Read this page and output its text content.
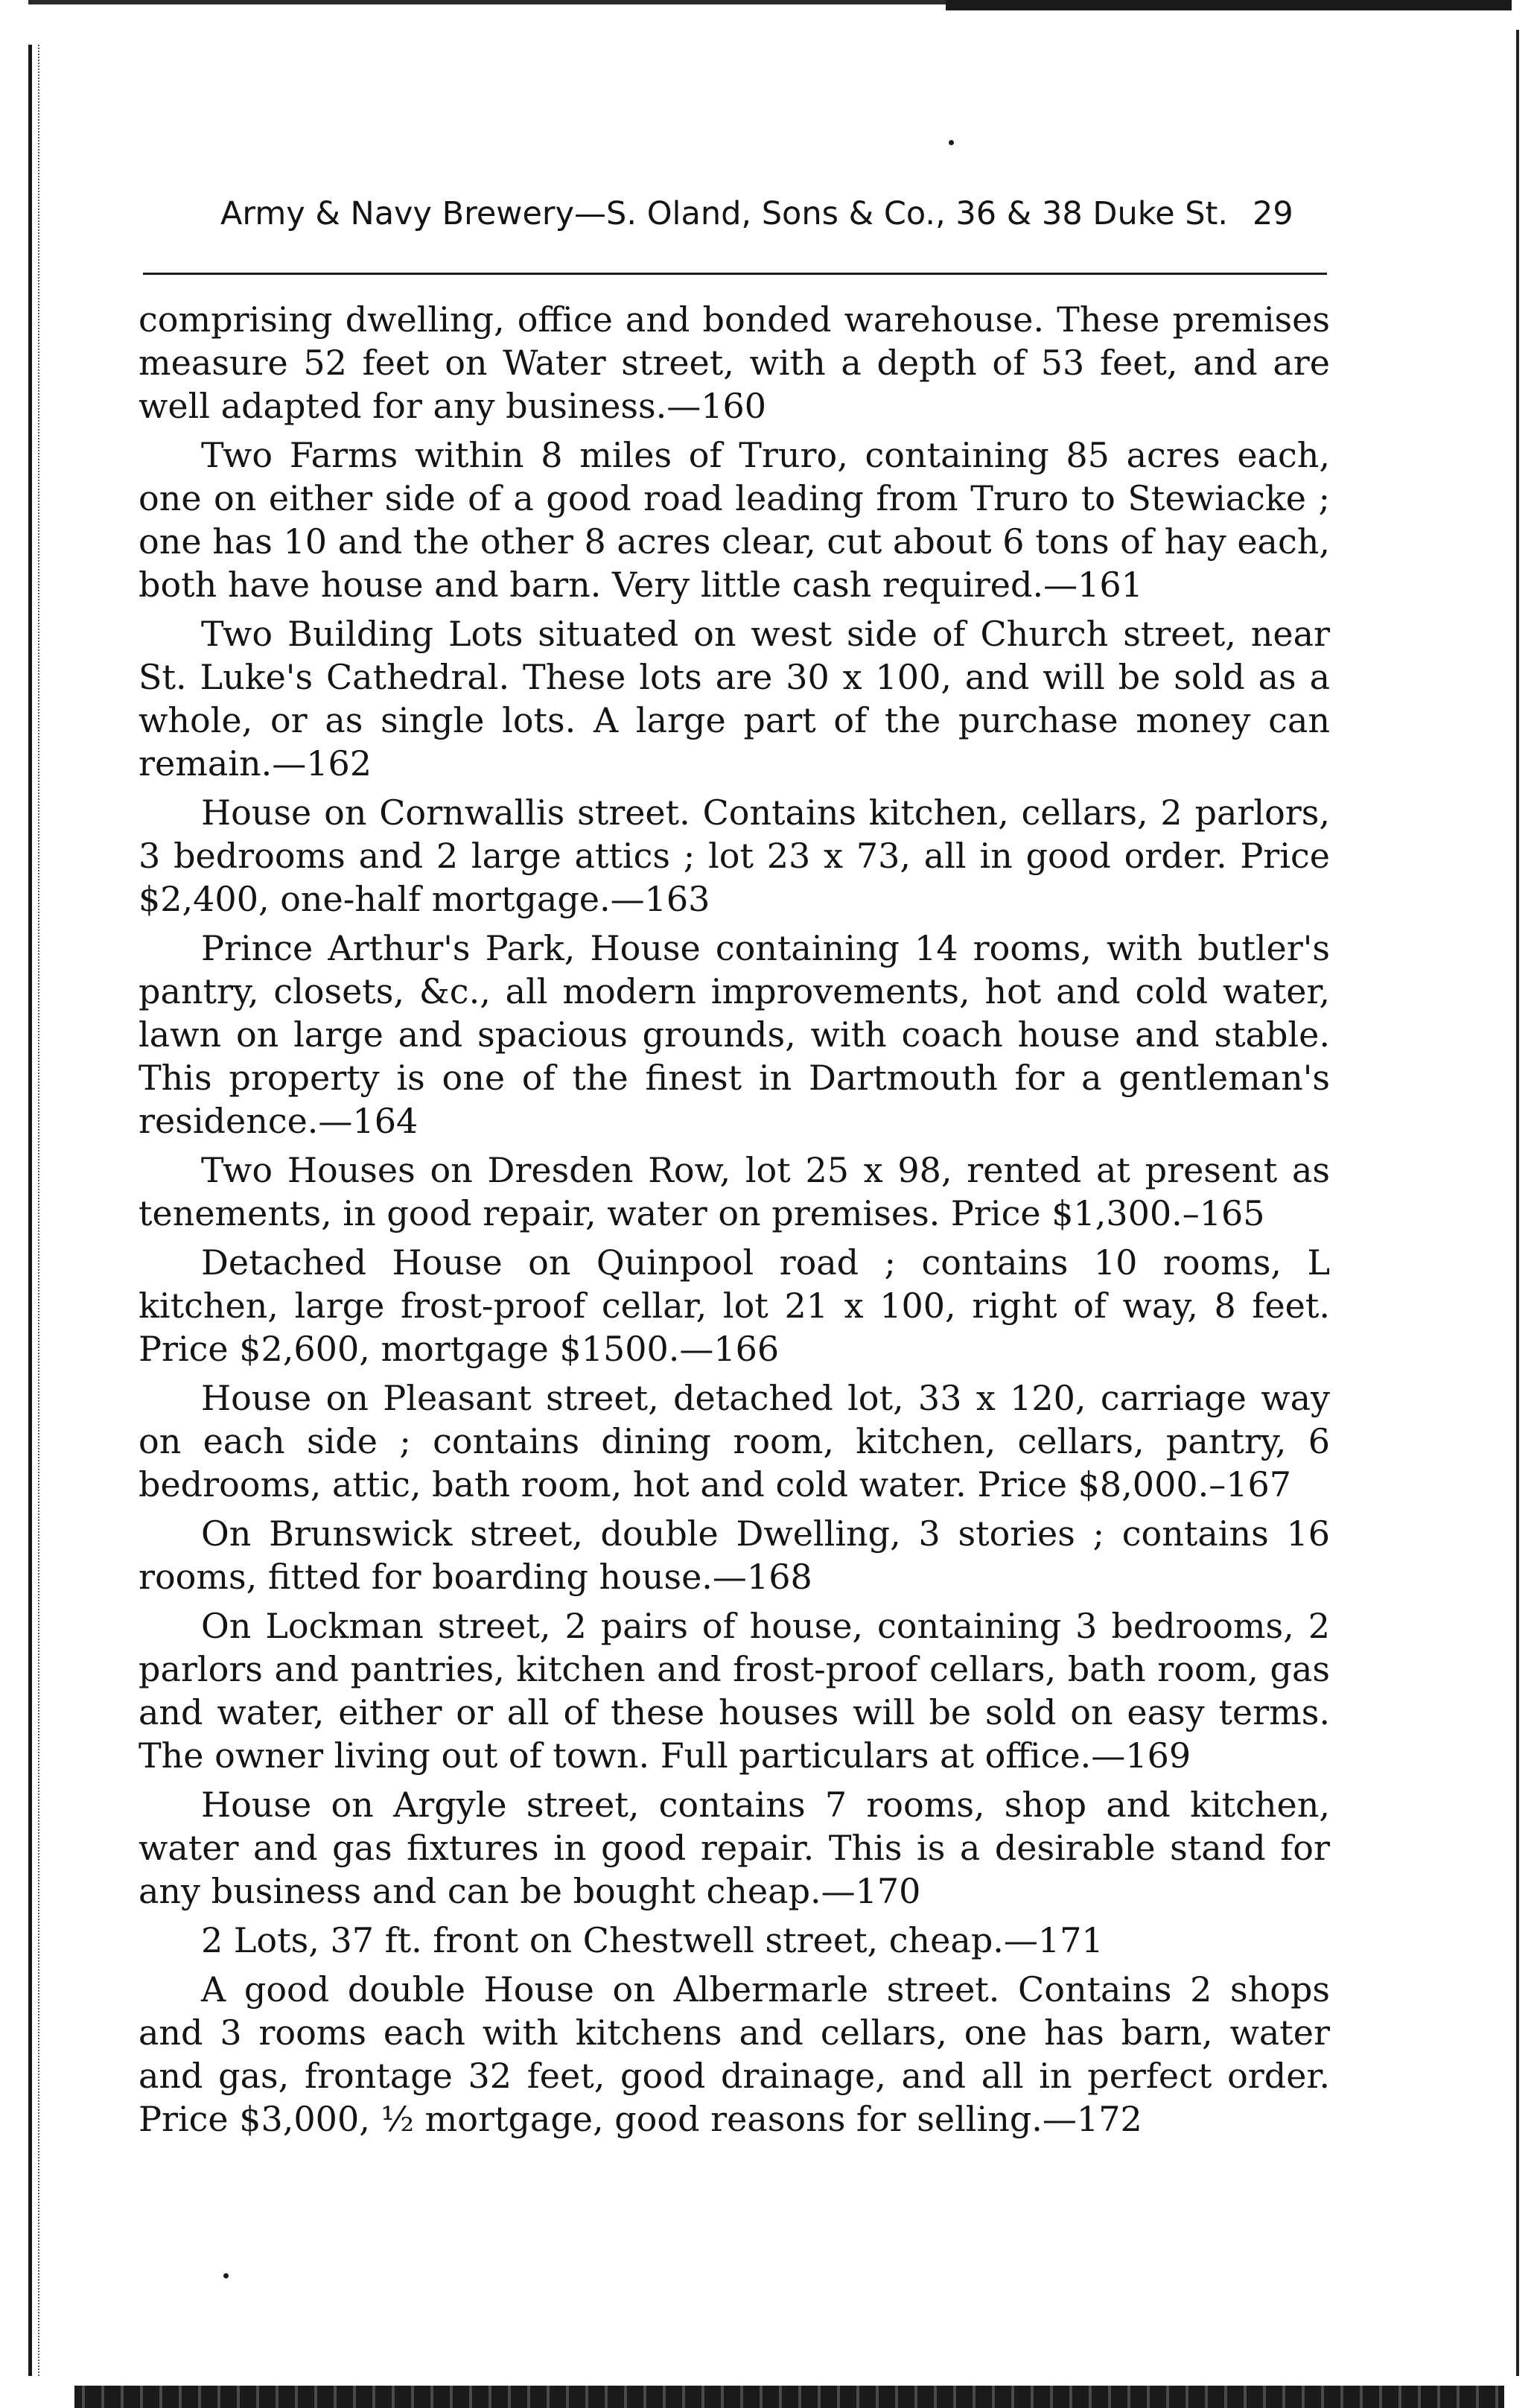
Army & Navy Brewery—S. Oland, Sons & Co., 36 & 38 Duke St. 29

comprising dwelling, office and bonded warehouse. These premises measure 52 feet on Water street, with a depth of 53 feet, and are well adapted for any business.—160

Two Farms within 8 miles of Truro, containing 85 acres each, one on either side of a good road leading from Truro to Stewiacke ; one has 10 and the other 8 acres clear, cut about 6 tons of hay each, both have house and barn. Very little cash required.—161

Two Building Lots situated on west side of Church street, near St. Luke's Cathedral. These lots are 30 x 100, and will be sold as a whole, or as single lots. A large part of the purchase money can remain.—162

House on Cornwallis street. Contains kitchen, cellars, 2 parlors, 3 bedrooms and 2 large attics ; lot 23 x 73, all in good order. Price $2,400, one-half mortgage.—163

Prince Arthur's Park, House containing 14 rooms, with butler's pantry, closets, &c., all modern improvements, hot and cold water, lawn on large and spacious grounds, with coach house and stable. This property is one of the finest in Dartmouth for a gentleman's residence.—164

Two Houses on Dresden Row, lot 25 x 98, rented at present as tenements, in good repair, water on premises. Price $1,300.–165

Detached House on Quinpool road ; contains 10 rooms, L kitchen, large frost-proof cellar, lot 21 x 100, right of way, 8 feet. Price $2,600, mortgage $1500.—166

House on Pleasant street, detached lot, 33 x 120, carriage way on each side ; contains dining room, kitchen, cellars, pantry, 6 bedrooms, attic, bath room, hot and cold water. Price $8,000.–167

On Brunswick street, double Dwelling, 3 stories ; contains 16 rooms, fitted for boarding house.—168

On Lockman street, 2 pairs of house, containing 3 bedrooms, 2 parlors and pantries, kitchen and frost-proof cellars, bath room, gas and water, either or all of these houses will be sold on easy terms. The owner living out of town. Full particulars at office.—169

House on Argyle street, contains 7 rooms, shop and kitchen, water and gas fixtures in good repair. This is a desirable stand for any business and can be bought cheap.—170

2 Lots, 37 ft. front on Chestwell street, cheap.—171

A good double House on Albermarle street. Contains 2 shops and 3 rooms each with kitchens and cellars, one has barn, water and gas, frontage 32 feet, good drainage, and all in perfect order. Price $3,000, ½ mortgage, good reasons for selling.—172
